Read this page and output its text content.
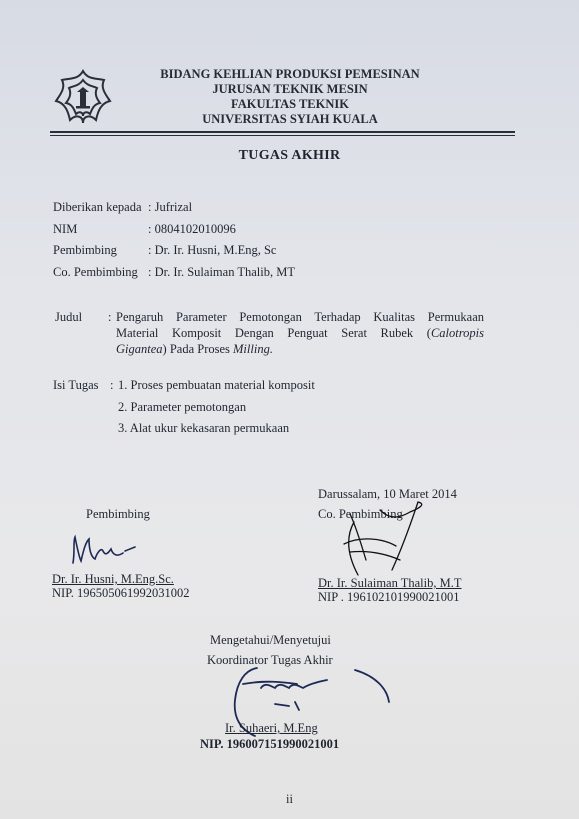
BIDANG KEHLIAN PRODUKSI PEMESINAN
JURUSAN TEKNIK MESIN
FAKULTAS TEKNIK
UNIVERSITAS SYIAH KUALA
TUGAS AKHIR
Diberikan kepada : Jufrizal
NIM	: 0804102010096
Pembimbing : Dr. Ir. Husni, M.Eng, Sc
Co. Pembimbing : Dr. Ir. Sulaiman Thalib, MT
Judul : Pengaruh Parameter Pemotongan Terhadap Kualitas Permukaan
Material Komposit Dengan Penguat Serat Rubek (Calotropis
Gigantea) Pada Proses Milling.
Isi Tugas : 1. Proses pembuatan material komposit
2. Parameter pemotongan
3. Alat ukur kekasaran permukaan
Darussalam, 10 Maret 2014
Pembimbing
Dr. Ir. Husni, M.Eng.Sc.
NIP. 196505061992031002
Co. Pembimbing
Dr. Ir. Sulaiman Thalib, M.T
NIP . 196102101990021001
Mengetahui/Menyetujui
Koordinator Tugas Akhir
Ir. Suhaeri, M.Eng
NIP. 196007151990021001
ii
